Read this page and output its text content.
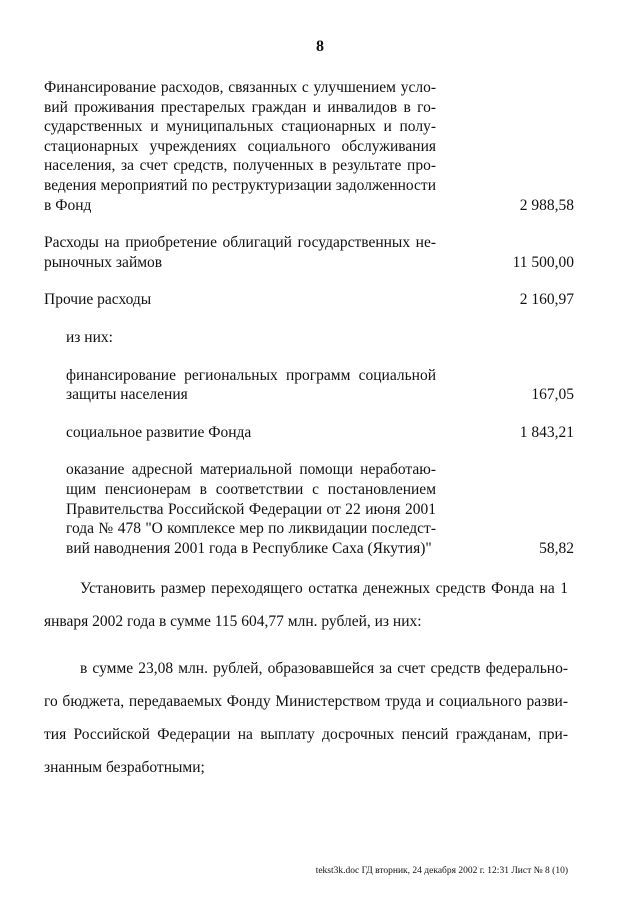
8
Финансирование расходов, связанных с улучшением усло-вий проживания престарелых граждан и инвалидов в го-сударственных и муниципальных стационарных и полу-стационарных учреждениях социального обслуживания населения, за счет средств, полученных в результате про-ведения мероприятий по реструктуризации задолженности в Фонд	2 988,58
Расходы на приобретение облигаций государственных не-рыночных займов	11 500,00
Прочие расходы	2 160,97
из них:
финансирование региональных программ социальной защиты населения	167,05
социальное развитие Фонда	1 843,21
оказание адресной материальной помощи неработаю-щим пенсионерам в соответствии с постановлением Правительства Российской Федерации от 22 июня 2001 года № 478 "О комплексе мер по ликвидации последст-вий наводнения 2001 года в Республике Саха (Якутия)"	58,82

Установить размер переходящего остатка денежных средств Фонда на 1 января 2002 года в сумме 115 604,77 млн. рублей, из них:

в сумме 23,08 млн. рублей, образовавшейся за счет средств федерально-го бюджета, передаваемых Фонду Министерством труда и социального разви-тия Российской Федерации на выплату досрочных пенсий гражданам, при-знанным безработными;

tekst3k.doc ГД вторник, 24 декабря 2002 г. 12:31 Лист № 8 (10)
